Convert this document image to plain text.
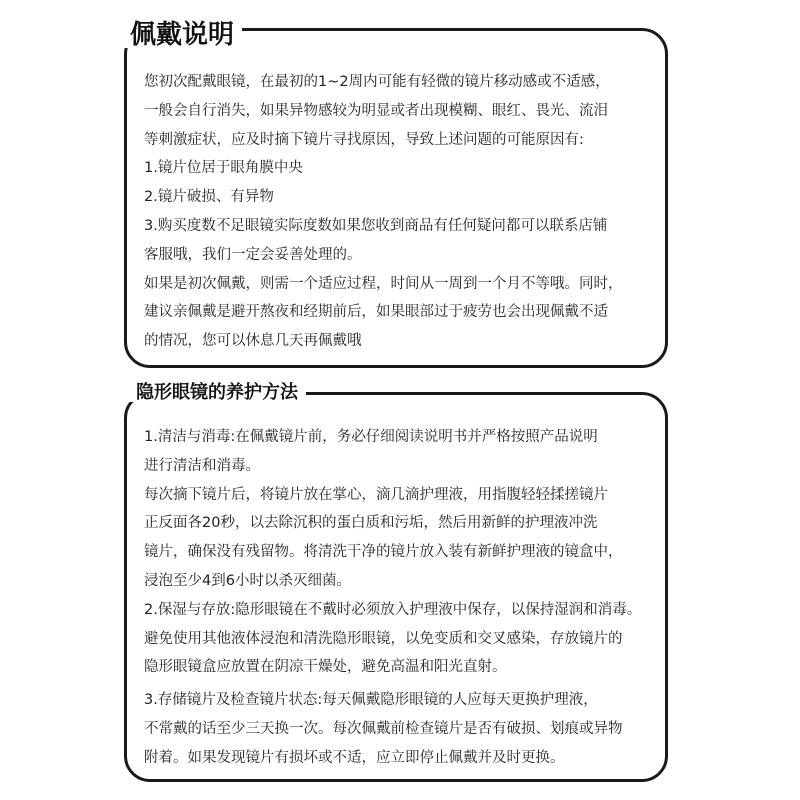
佩戴说明
您初次配戴眼镜，在最初的1~2周内可能有轻微的镜片移动感或不适感，
一般会自行消失，如果异物感较为明显或者出现模糊、眼红、畏光、流泪
等刺激症状，应及时摘下镜片寻找原因，导致上述问题的可能原因有:
1.镜片位居于眼角膜中央
2.镜片破损、有异物
3.购买度数不足眼镜实际度数如果您收到商品有任何疑问都可以联系店铺
客服哦，我们一定会妥善处理的。
如果是初次佩戴，则需一个适应过程，时间从一周到一个月不等哦。同时，
建议亲佩戴是避开熬夜和经期前后，如果眼部过于疲劳也会出现佩戴不适
的情况，您可以休息几天再佩戴哦
隐形眼镜的养护方法
1.清洁与消毒:在佩戴镜片前，务必仔细阅读说明书并严格按照产品说明
进行清洁和消毒。
每次摘下镜片后，将镜片放在掌心，滴几滴护理液，用指腹轻轻揉搓镜片
正反面各20秒，以去除沉积的蛋白质和污垢，然后用新鲜的护理液冲洗
镜片，确保没有残留物。将清洗干净的镜片放入装有新鲜护理液的镜盒中，
浸泡至少4到6小时以杀灭细菌。
2.保湿与存放:隐形眼镜在不戴时必须放入护理液中保存，以保持湿润和消毒。
避免使用其他液体浸泡和清洗隐形眼镜，以免变质和交叉感染，存放镜片的
隐形眼镜盒应放置在阴凉干燥处，避免高温和阳光直射。
3.存储镜片及检查镜片状态:每天佩戴隐形眼镜的人应每天更换护理液，
不常戴的话至少三天换一次。每次佩戴前检查镜片是否有破损、划痕或异物
附着。如果发现镜片有损坏或不适，应立即停止佩戴并及时更换。
